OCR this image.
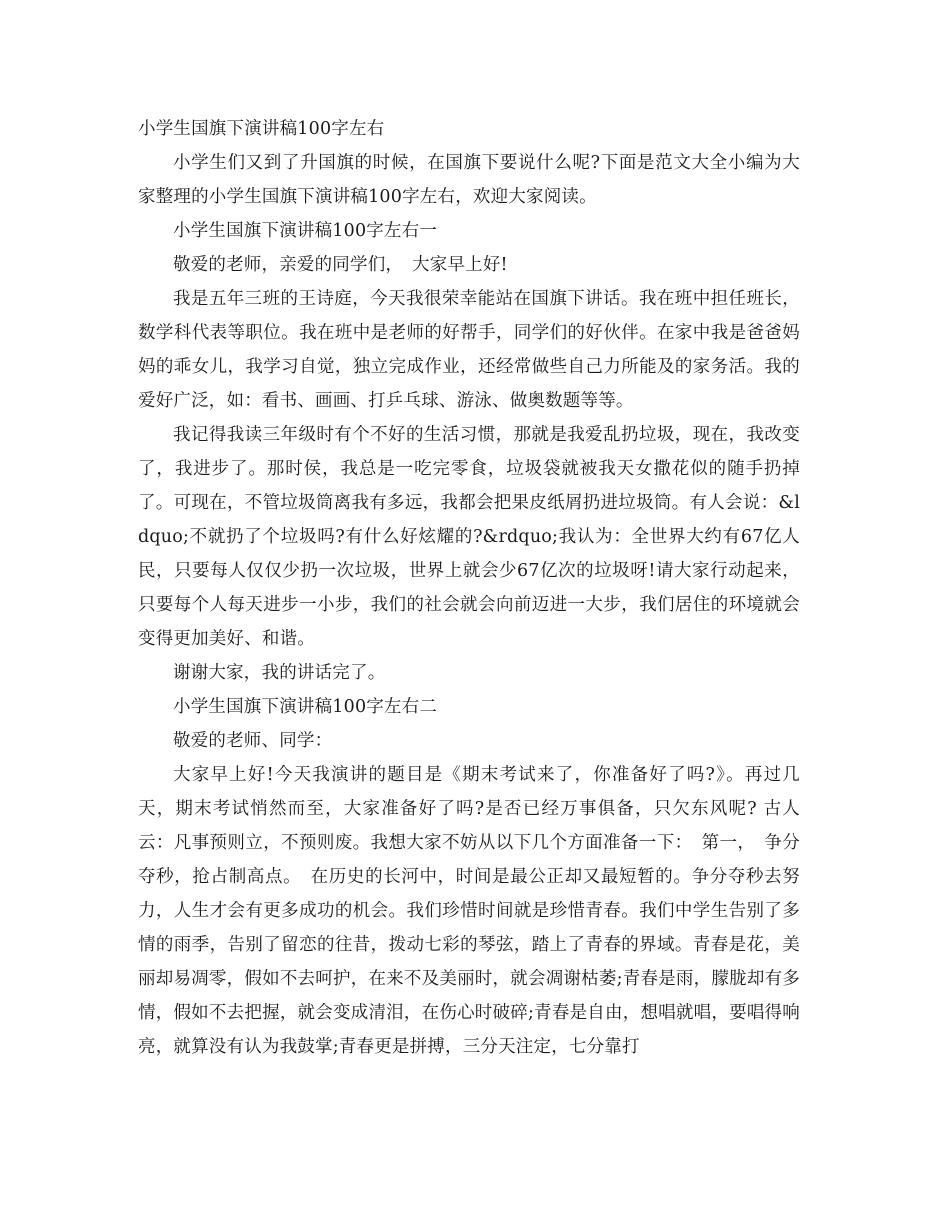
小学生国旗下演讲稿100字左右
小学生们又到了升国旗的时候，在国旗下要说什么呢?下面是范文大全小编为大家整理的小学生国旗下演讲稿100字左右，欢迎大家阅读。
小学生国旗下演讲稿100字左右一
敬爱的老师，亲爱的同学们，　大家早上好!
我是五年三班的王诗庭，今天我很荣幸能站在国旗下讲话。我在班中担任班长，数学科代表等职位。我在班中是老师的好帮手，同学们的好伙伴。在家中我是爸爸妈妈的乖女儿，我学习自觉，独立完成作业，还经常做些自己力所能及的家务活。我的爱好广泛，如：看书、画画、打乒乓球、游泳、做奥数题等等。
我记得我读三年级时有个不好的生活习惯，那就是我爱乱扔垃圾，现在，我改变了，我进步了。那时侯，我总是一吃完零食，垃圾袋就被我天女撒花似的随手扔掉了。可现在，不管垃圾筒离我有多远，我都会把果皮纸屑扔进垃圾筒。有人会说：&ldquo;不就扔了个垃圾吗?有什么好炫耀的?&rdquo;我认为：全世界大约有67亿人民，只要每人仅仅少扔一次垃圾，世界上就会少67亿次的垃圾呀!请大家行动起来，只要每个人每天进步一小步，我们的社会就会向前迈进一大步，我们居住的环境就会变得更加美好、和谐。
谢谢大家，我的讲话完了。
小学生国旗下演讲稿100字左右二
敬爱的老师、同学：
大家早上好!今天我演讲的题目是《期末考试来了，你准备好了吗?》。再过几天，期末考试悄然而至，大家准备好了吗?是否已经万事俱备，只欠东风呢? 古人云：凡事预则立，不预则废。我想大家不妨从以下几个方面准备一下：　第一，　争分夺秒，抢占制高点。　在历史的长河中，时间是最公正却又最短暂的。争分夺秒去努力，人生才会有更多成功的机会。我们珍惜时间就是珍惜青春。我们中学生告别了多情的雨季，告别了留恋的往昔，拨动七彩的琴弦，踏上了青春的界域。青春是花，美丽却易凋零，假如不去呵护，在来不及美丽时，就会凋谢枯萎;青春是雨，朦胧却有多情，假如不去把握，就会变成清泪，在伤心时破碎;青春是自由，想唱就唱，要唱得响亮，就算没有认为我鼓掌;青春更是拼搏，三分天注定，七分靠打
